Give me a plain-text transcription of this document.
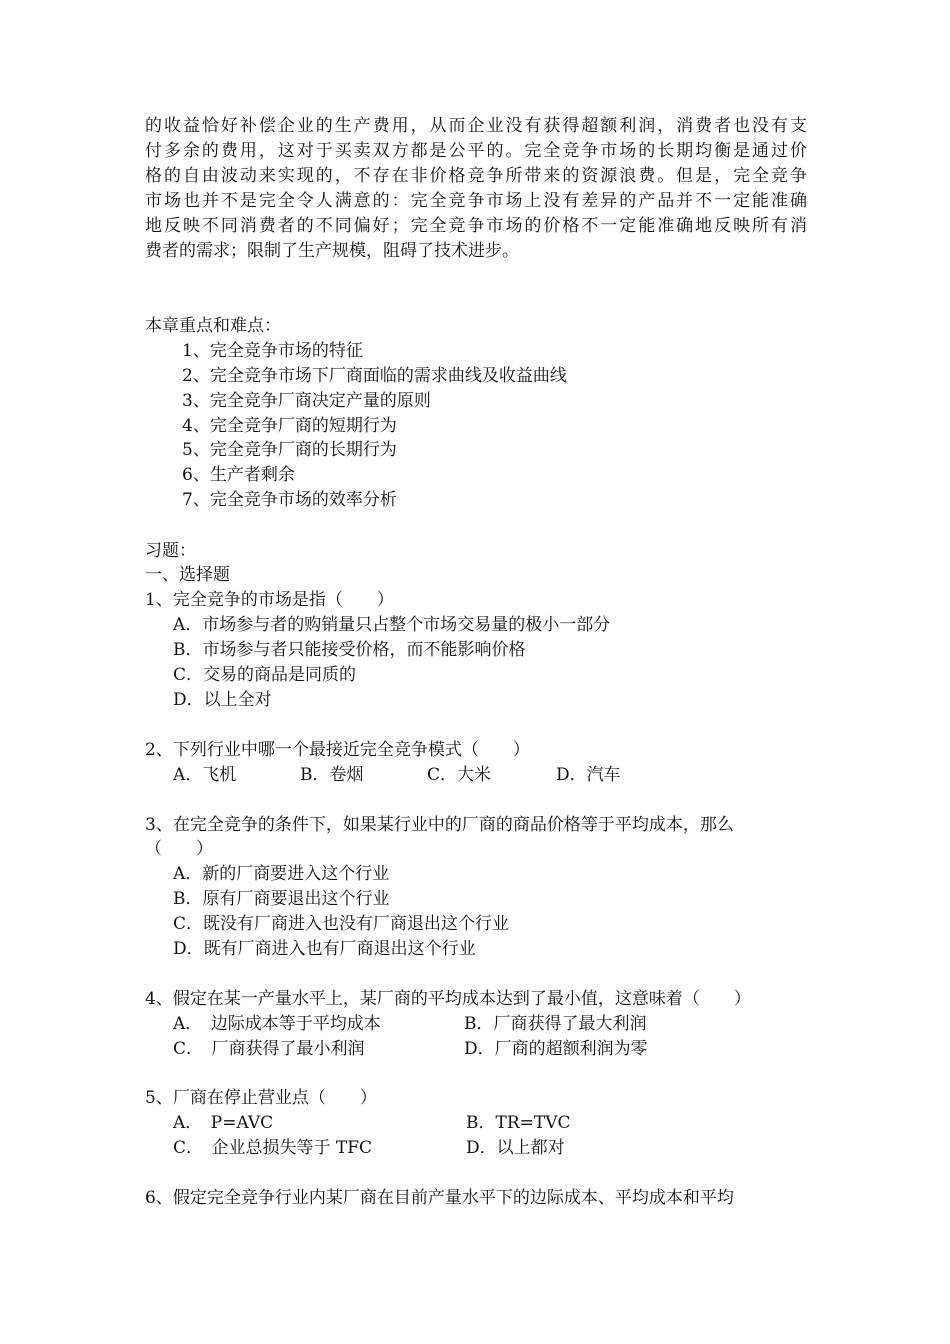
的收益恰好补偿企业的生产费用，从而企业没有获得超额利润，消费者也没有支
付多余的费用，这对于买卖双方都是公平的。完全竞争市场的长期均衡是通过价
格的自由波动来实现的，不存在非价格竞争所带来的资源浪费。但是，完全竞争
市场也并不是完全令人满意的：完全竞争市场上没有差异的产品并不一定能准确
地反映不同消费者的不同偏好；完全竞争市场的价格不一定能准确地反映所有消
费者的需求；限制了生产规模，阻碍了技术进步。
本章重点和难点：
1、完全竞争市场的特征
2、完全竞争市场下厂商面临的需求曲线及收益曲线
3、完全竞争厂商决定产量的原则
4、完全竞争厂商的短期行为
5、完全竞争厂商的长期行为
6、生产者剩余
7、完全竞争市场的效率分析
习题：
一、选择题
1、完全竞争的市场是指（　　）
A．市场参与者的购销量只占整个市场交易量的极小一部分
B．市场参与者只能接受价格，而不能影响价格
C．交易的商品是同质的
D．以上全对
2、下列行业中哪一个最接近完全竞争模式（　　）
A．飞机	B．卷烟	C．大米	D．汽车
3、在完全竞争的条件下，如果某行业中的厂商的商品价格等于平均成本，那么
（　　）
A．新的厂商要进入这个行业
B．原有厂商要退出这个行业
C．既没有厂商进入也没有厂商退出这个行业
D．既有厂商进入也有厂商退出这个行业
4、假定在某一产量水平上，某厂商的平均成本达到了最小值，这意味着（　　）
A．　边际成本等于平均成本	B．厂商获得了最大利润
C．　厂商获得了最小利润	D．厂商的超额利润为零
5、厂商在停止营业点（　　）
A．　P=AVC	B．TR=TVC
C．　企业总损失等于 TFC	D．以上都对
6、假定完全竞争行业内某厂商在目前产量水平下的边际成本、平均成本和平均
